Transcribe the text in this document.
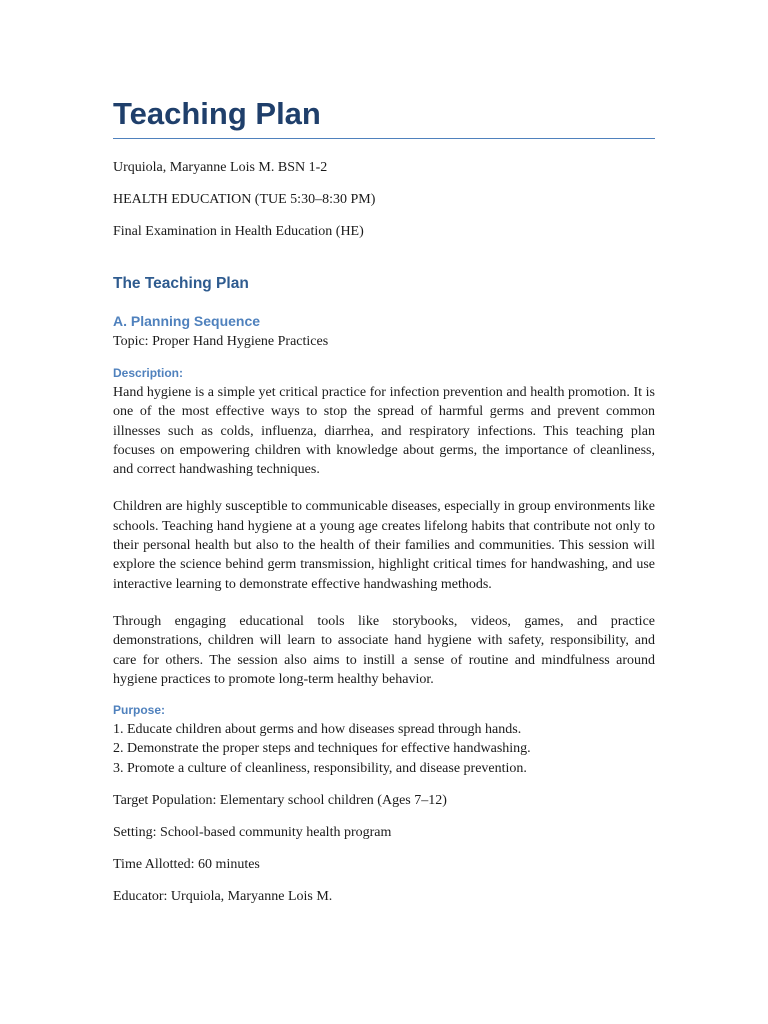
Teaching Plan

Urquiola, Maryanne Lois M. BSN 1-2

HEALTH EDUCATION (TUE 5:30–8:30 PM)

Final Examination in Health Education (HE)

The Teaching Plan
A. Planning Sequence

Topic: Proper Hand Hygiene Practices

Description:

Hand hygiene is a simple yet critical practice for infection prevention and health promotion. It is one of the most effective ways to stop the spread of harmful germs and prevent common illnesses such as colds, influenza, diarrhea, and respiratory infections. This teaching plan focuses on empowering children with knowledge about germs, the importance of cleanliness, and correct handwashing techniques.

Children are highly susceptible to communicable diseases, especially in group environments like schools. Teaching hand hygiene at a young age creates lifelong habits that contribute not only to their personal health but also to the health of their families and communities. This session will explore the science behind germ transmission, highlight critical times for handwashing, and use interactive learning to demonstrate effective handwashing methods.

Through engaging educational tools like storybooks, videos, games, and practice demonstrations, children will learn to associate hand hygiene with safety, responsibility, and care for others. The session also aims to instill a sense of routine and mindfulness around hygiene practices to promote long-term healthy behavior.

Purpose:
1. Educate children about germs and how diseases spread through hands.
2. Demonstrate the proper steps and techniques for effective handwashing.
3. Promote a culture of cleanliness, responsibility, and disease prevention.

Target Population: Elementary school children (Ages 7–12)

Setting: School-based community health program

Time Allotted: 60 minutes

Educator: Urquiola, Maryanne Lois M.
